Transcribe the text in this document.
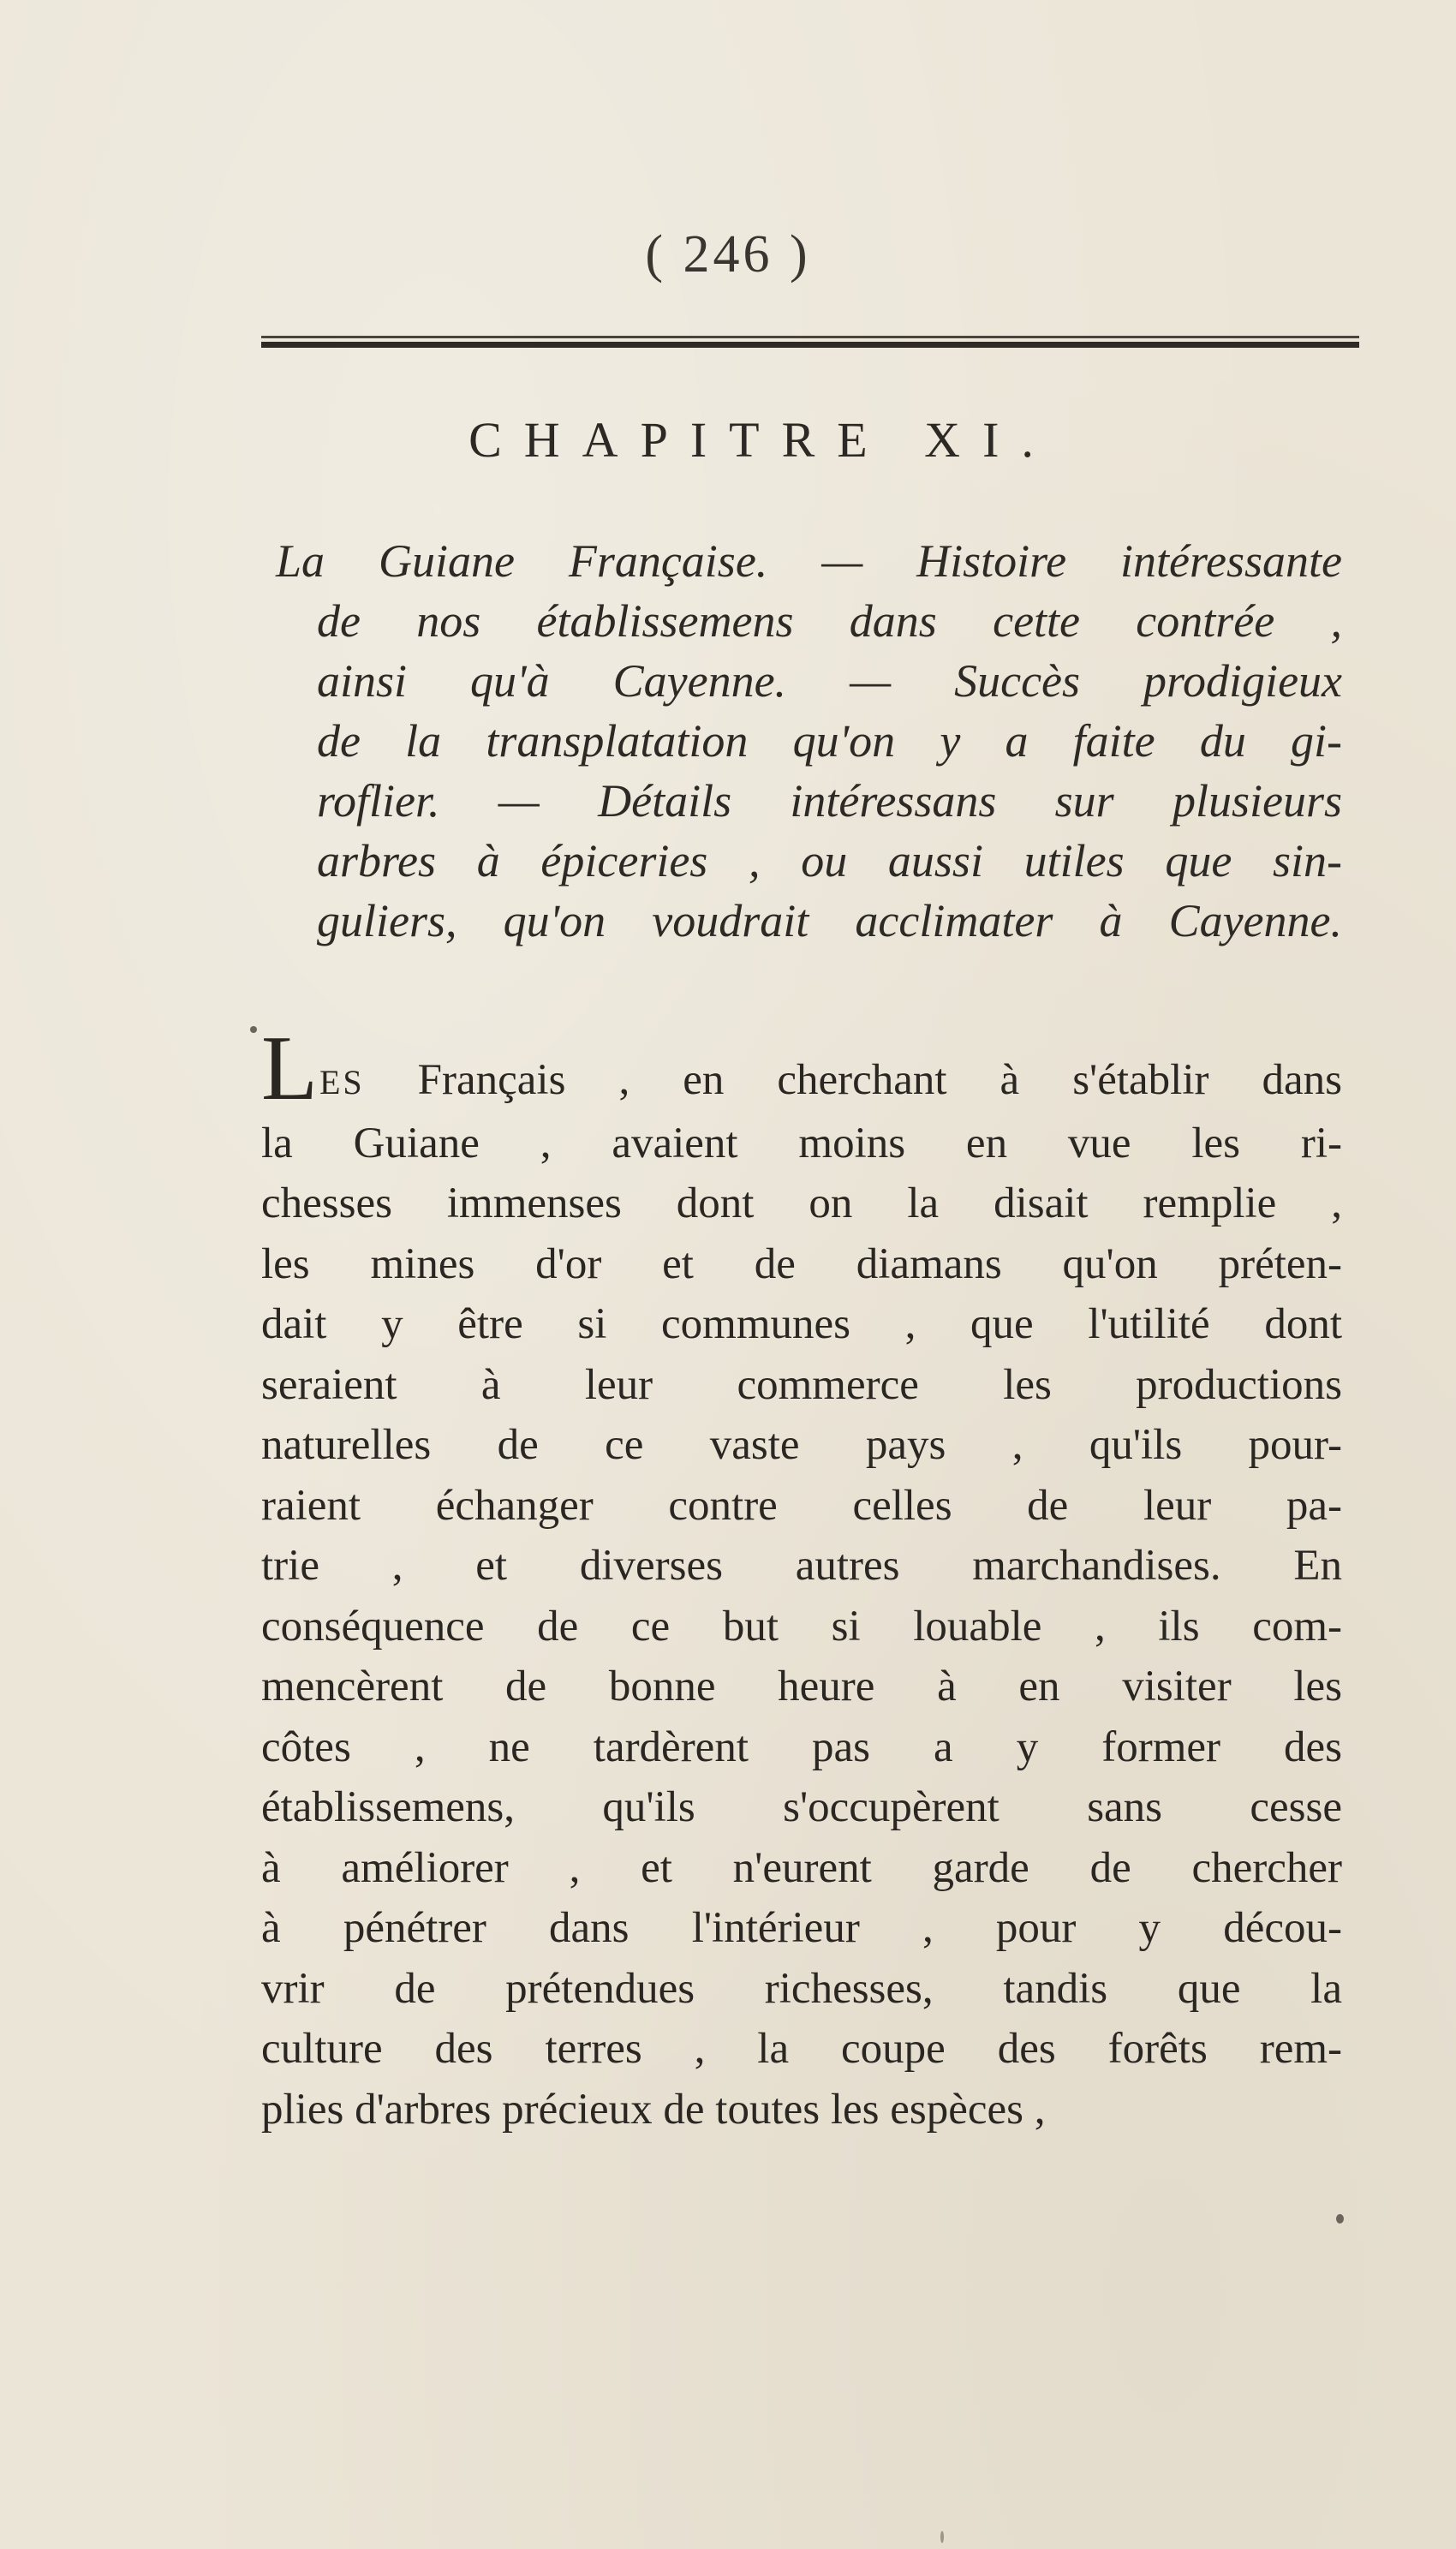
( 246 )
CHAPITRE XI.
La Guiane Française. — Histoire intéressante
de nos établissemens dans cette contrée ,
ainsi qu'à Cayenne. — Succès prodigieux
de la transplatation qu'on y a faite du gi-
roflier. — Détails intéressans sur plusieurs
arbres à épiceries , ou aussi utiles que sin-
guliers, qu'on voudrait acclimater à Cayenne.
LES Français , en cherchant à s'établir dans
la Guiane , avaient moins en vue les ri-
chesses immenses dont on la disait remplie ,
les mines d'or et de diamans qu'on préten-
dait y être si communes , que l'utilité dont
seraient à leur commerce les productions
naturelles de ce vaste pays , qu'ils pour-
raient échanger contre celles de leur pa-
trie , et diverses autres marchandises. En
conséquence de ce but si louable , ils com-
mencèrent de bonne heure à en visiter les
côtes , ne tardèrent pas a y former des
établissemens, qu'ils s'occupèrent sans cesse
à améliorer , et n'eurent garde de chercher
à pénétrer dans l'intérieur , pour y décou-
vrir de prétendues richesses, tandis que la
culture des terres , la coupe des forêts rem-
plies d'arbres précieux de toutes les espèces ,
